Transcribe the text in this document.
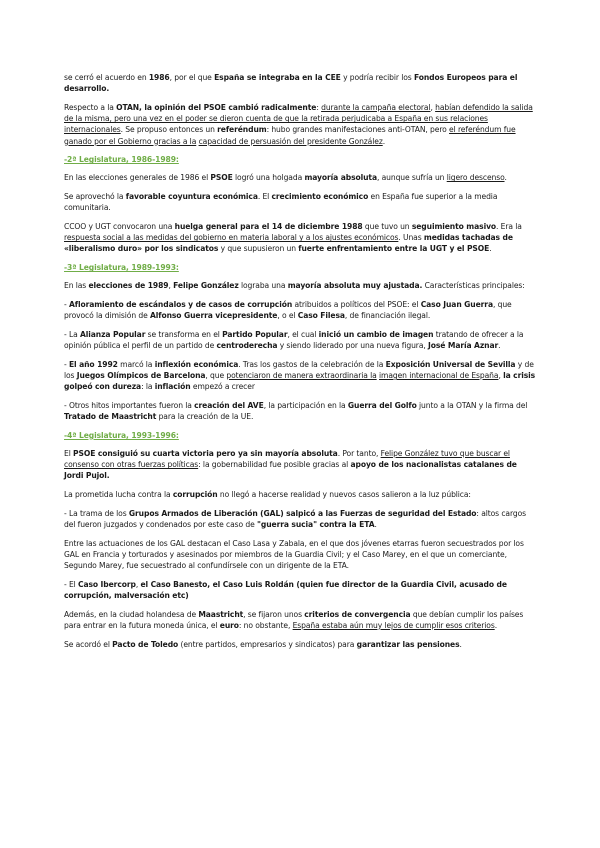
se cerró el acuerdo en 1986, por el que España se integraba en la CEE y podría recibir los Fondos Europeos para el desarrollo.

Respecto a la OTAN, la opinión del PSOE cambió radicalmente: durante la campaña electoral, habían defendido la salida de la misma, pero una vez en el poder se dieron cuenta de que la retirada perjudicaba a España en sus relaciones internacionales. Se propuso entonces un referéndum: hubo grandes manifestaciones anti-OTAN, pero el referéndum fue ganado por el Gobierno gracias a la capacidad de persuasión del presidente González.

-2ª Legislatura, 1986-1989:

En las elecciones generales de 1986 el PSOE logró una holgada mayoría absoluta, aunque sufría un ligero descenso.

Se aprovechó la favorable coyuntura económica. El crecimiento económico en España fue superior a la media comunitaria.

CCOO y UGT convocaron una huelga general para el 14 de diciembre 1988 que tuvo un seguimiento masivo. Era la respuesta social a las medidas del gobierno en materia laboral y a los ajustes económicos. Unas medidas tachadas de «liberalismo duro» por los sindicatos y que supusieron un fuerte enfrentamiento entre la UGT y el PSOE.

-3ª Legislatura, 1989-1993:

En las elecciones de 1989, Felipe González lograba una mayoría absoluta muy ajustada. Características principales:

- Afloramiento de escándalos y de casos de corrupción atribuidos a políticos del PSOE: el Caso Juan Guerra, que provocó la dimisión de Alfonso Guerra vicepresidente, o el Caso Filesa, de financiación ilegal.

- La Alianza Popular se transforma en el Partido Popular, el cual inició un cambio de imagen tratando de ofrecer a la opinión pública el perfil de un partido de centroderecha y siendo liderado por una nueva figura, José María Aznar.

- El año 1992 marcó la inflexión económica. Tras los gastos de la celebración de la Exposición Universal de Sevilla y de los Juegos Olímpicos de Barcelona, que potenciaron de manera extraordinaria la imagen internacional de España, la crisis golpeó con dureza: la inflación empezó a crecer

- Otros hitos importantes fueron la creación del AVE, la participación en la Guerra del Golfo junto a la OTAN y la firma del Tratado de Maastricht para la creación de la UE.

-4ª Legislatura, 1993-1996:

El PSOE consiguió su cuarta victoria pero ya sin mayoría absoluta. Por tanto, Felipe González tuvo que buscar el consenso con otras fuerzas políticas: la gobernabilidad fue posible gracias al apoyo de los nacionalistas catalanes de Jordi Pujol.

La prometida lucha contra la corrupción no llegó a hacerse realidad y nuevos casos salieron a la luz pública:

- La trama de los Grupos Armados de Liberación (GAL) salpicó a las Fuerzas de seguridad del Estado: altos cargos del fueron juzgados y condenados por este caso de "guerra sucia" contra la ETA.

Entre las actuaciones de los GAL destacan el Caso Lasa y Zabala, en el que dos jóvenes etarras fueron secuestrados por los GAL en Francia y torturados y asesinados por miembros de la Guardia Civil; y el Caso Marey, en el que un comerciante, Segundo Marey, fue secuestrado al confundírsele con un dirigente de la ETA.

- El Caso Ibercorp, el Caso Banesto, el Caso Luis Roldán (quien fue director de la Guardia Civil, acusado de corrupción, malversación etc)

Además, en la ciudad holandesa de Maastricht, se fijaron unos criterios de convergencia que debían cumplir los países para entrar en la futura moneda única, el euro: no obstante, España estaba aún muy lejos de cumplir esos criterios.

Se acordó el Pacto de Toledo (entre partidos, empresarios y sindicatos) para garantizar las pensiones.
